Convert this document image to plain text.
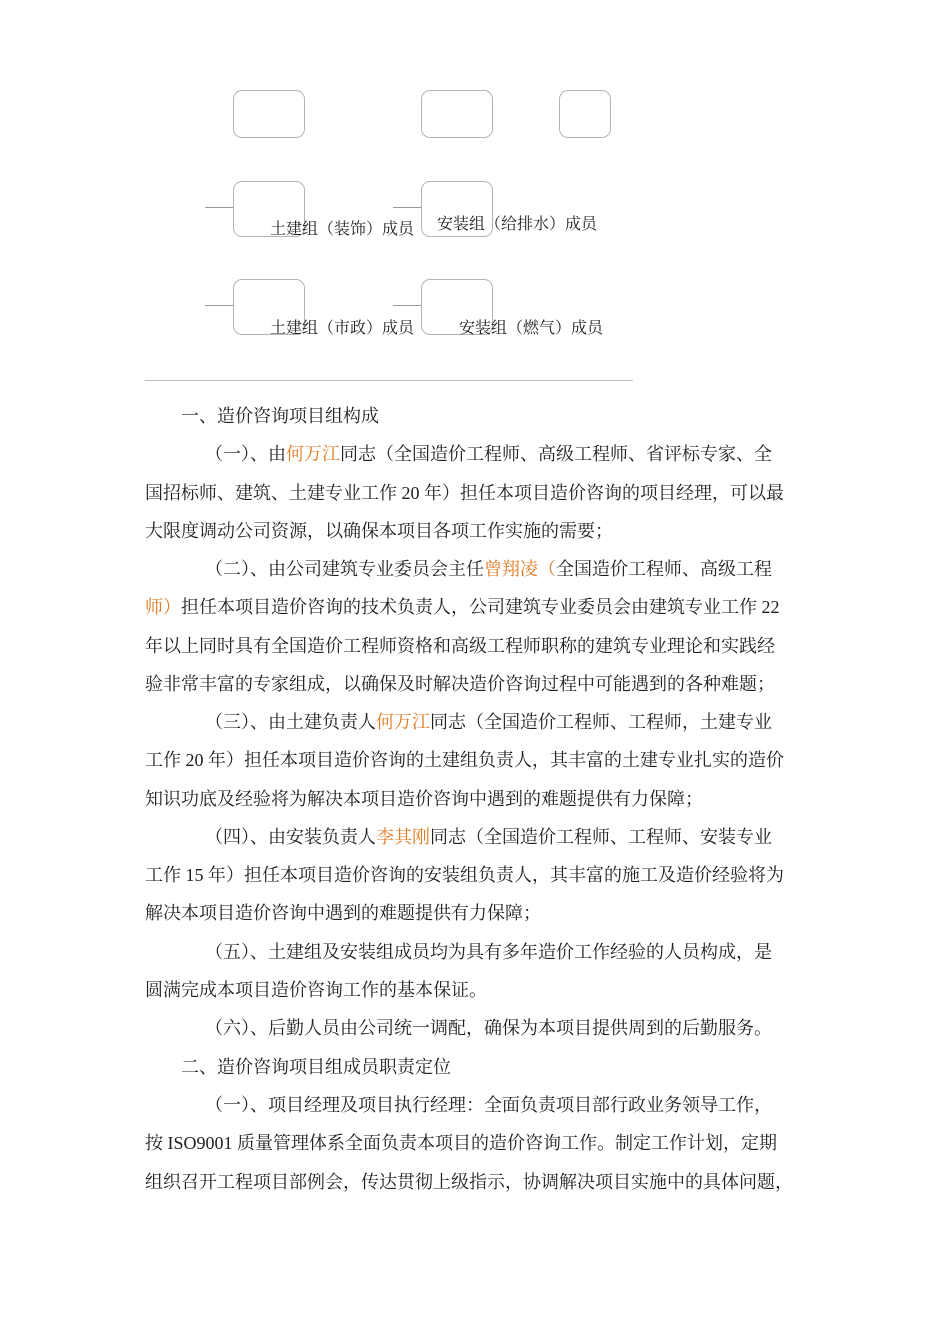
土建组（装饰）成员 安装组（给排水）成员
土建组（市政）成员	安装组（燃气）成员
一、造价咨询项目组构成
（一）、由何万江同志（全国造价工程师、高级工程师、省评标专家、全
国招标师、建筑、土建专业工作 20 年）担任本项目造价咨询的项目经理，可以最
大限度调动公司资源，以确保本项目各项工作实施的需要；
（二）、由公司建筑专业委员会主任曾翔凌（全国造价工程师、高级工程
师）担任本项目造价咨询的技术负责人，公司建筑专业委员会由建筑专业工作 22
年以上同时具有全国造价工程师资格和高级工程师职称的建筑专业理论和实践经
验非常丰富的专家组成，以确保及时解决造价咨询过程中可能遇到的各种难题；
（三）、由土建负责人何万江同志（全国造价工程师、工程师，土建专业
工作 20 年）担任本项目造价咨询的土建组负责人，其丰富的土建专业扎实的造价
知识功底及经验将为解决本项目造价咨询中遇到的难题提供有力保障；
（四）、由安装负责人李其刚同志（全国造价工程师、工程师、安装专业
工作 15 年）担任本项目造价咨询的安装组负责人，其丰富的施工及造价经验将为
解决本项目造价咨询中遇到的难题提供有力保障；
（五）、土建组及安装组成员均为具有多年造价工作经验的人员构成，是
圆满完成本项目造价咨询工作的基本保证。
（六）、后勤人员由公司统一调配，确保为本项目提供周到的后勤服务。
二、造价咨询项目组成员职责定位
（一）、项目经理及项目执行经理：全面负责项目部行政业务领导工作，
按 ISO9001 质量管理体系全面负责本项目的造价咨询工作。制定工作计划，定期
组织召开工程项目部例会，传达贯彻上级指示，协调解决项目实施中的具体问题，
